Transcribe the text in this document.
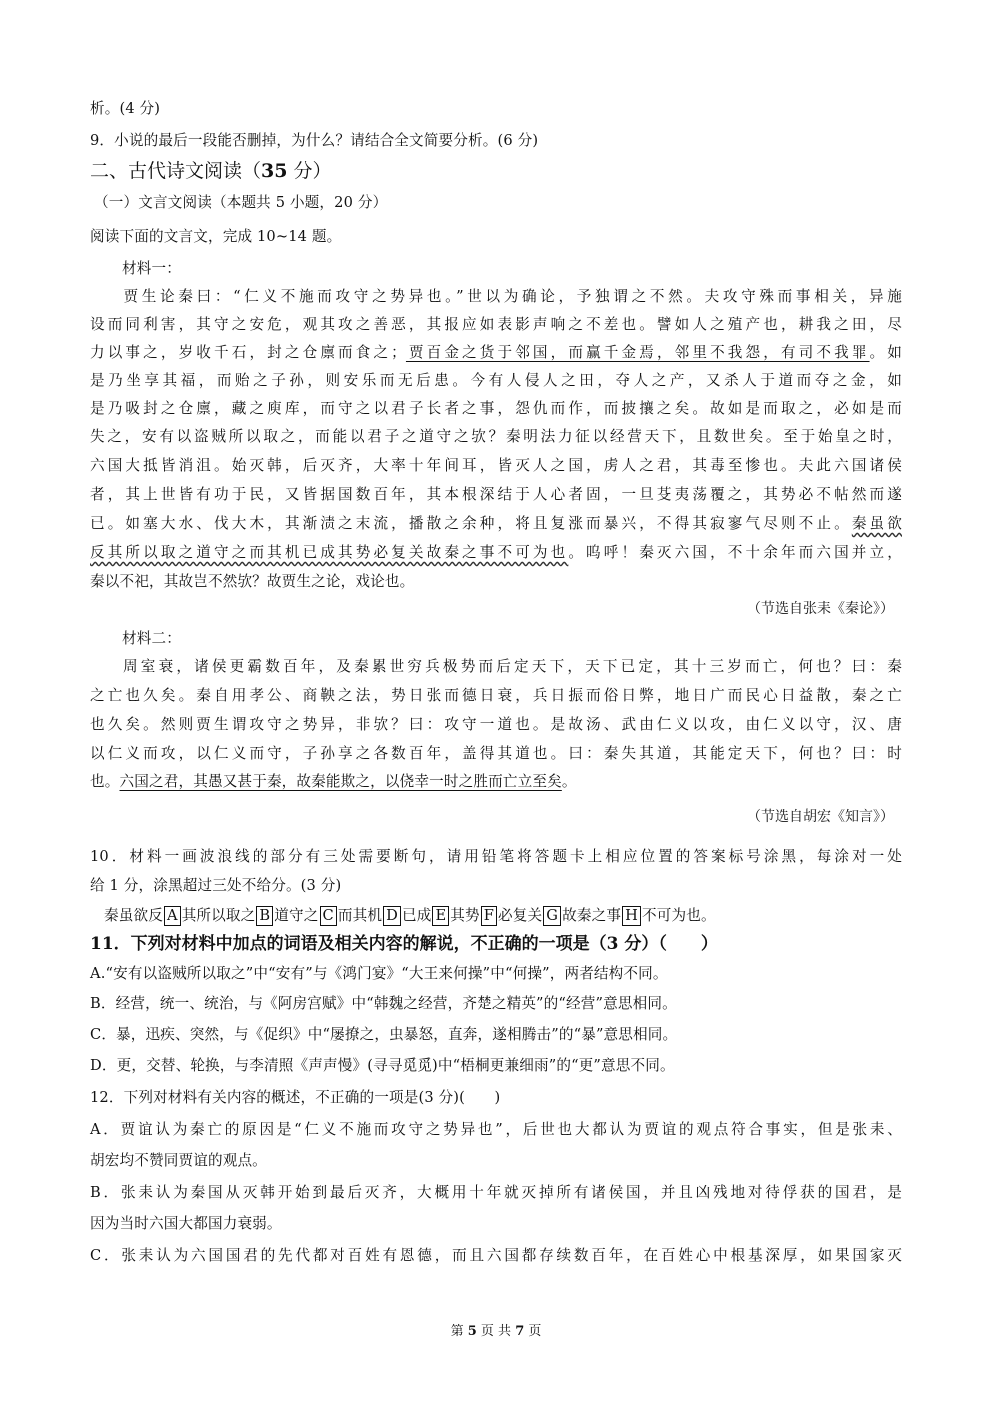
析。(4 分)
9．小说的最后一段能否删掉，为什么？请结合全文简要分析。(6 分)
二、古代诗文阅读（35 分）
（一）文言文阅读（本题共 5 小题，20 分）
阅读下面的文言文，完成 10~14 题。
材料一：
贾生论秦曰：“仁义不施而攻守之势异也。”世以为确论，予独谓之不然。夫攻守殊而事相关，异施
设而同利害，其守之安危，观其攻之善恶，其报应如表影声响之不差也。譬如人之殖产也，耕我之田，尽
力以事之，岁收千石，封之仓廪而食之；贾百金之货于邻国，而赢千金焉，邻里不我怨，有司不我罪。如
是乃坐享其福，而贻之子孙，则安乐而无后患。今有人侵人之田，夺人之产，又杀人于道而夺之金，如
是乃吸封之仓廪，藏之庾库，而守之以君子长者之事，怨仇而作，而披攘之矣。故如是而取之，必如是而
失之，安有以盗贼所以取之，而能以君子之道守之欤？秦明法力征以经营天下，且数世矣。至于始皇之时，
六国大抵皆消沮。始灭韩，后灭齐，大率十年间耳，皆灭人之国，虏人之君，其毒至惨也。夫此六国诸侯
者，其上世皆有功于民，又皆据国数百年，其本根深结于人心者固，一旦芟夷荡覆之，其势必不帖然而遂
已。如塞大水、伐大木，其渐渍之末流，播散之余种，将且复涨而暴兴，不得其寂寥气尽则不止。秦虽欲
反其所以取之道守之而其机已成其势必复关故秦之事不可为也。呜呼！秦灭六国，不十余年而六国并立，
秦以不祀，其故岂不然欤？故贾生之论，戏论也。
（节选自张耒《秦论》）
材料二：
周室衰，诸侯更霸数百年，及秦累世穷兵极势而后定天下，天下已定，其十三岁而亡，何也？曰：秦
之亡也久矣。秦自用孝公、商鞅之法，势日张而德日衰，兵日振而俗日弊，地日广而民心日益散，秦之亡
也久矣。然则贾生谓攻守之势异，非欤？曰：攻守一道也。是故汤、武由仁义以攻，由仁义以守，汉、唐
以仁义而攻，以仁义而守，子孙享之各数百年，盖得其道也。曰：秦失其道，其能定天下，何也？曰：时
也。六国之君，其愚又甚于秦，故秦能欺之，以侥幸一时之胜而亡立至矣。
（节选自胡宏《知言》）
10．材料一画波浪线的部分有三处需要断句，请用铅笔将答题卡上相应位置的答案标号涂黑，每涂对一处
给 1 分，涂黑超过三处不给分。(3 分)
秦虽欲反 A 其所以取之 B 道守之 C 而其机 D 已成 E 其势 F 必复关 G 故秦之事 H 不可为也。
11．下列对材料中加点的词语及相关内容的解说，不正确的一项是（3 分）（　　）
A.“安有以盗贼所以取之”中“安有”与《鸿门宴》“大王来何操”中“何操”，两者结构不同。
B．经营，统一、统治，与《阿房宫赋》中“韩魏之经营，齐楚之精英”的“经营”意思相同。
C．暴，迅疾、突然，与《促织》中“屡撩之，虫暴怒，直奔，遂相腾击”的“暴”意思相同。
D．更，交替、轮换，与李清照《声声慢》(寻寻觅觅)中“梧桐更兼细雨”的“更”意思不同。
12．下列对材料有关内容的概述，不正确的一项是(3 分)(　　)
A．贾谊认为秦亡的原因是“仁义不施而攻守之势异也”，后世也大都认为贾谊的观点符合事实，但是张耒、
胡宏均不赞同贾谊的观点。
B．张耒认为秦国从灭韩开始到最后灭齐，大概用十年就灭掉所有诸侯国，并且凶残地对待俘获的国君，是
因为当时六国大都国力衰弱。
C．张耒认为六国国君的先代都对百姓有恩德，而且六国都存续数百年，在百姓心中根基深厚，如果国家灭
第 5 页 共 7 页
